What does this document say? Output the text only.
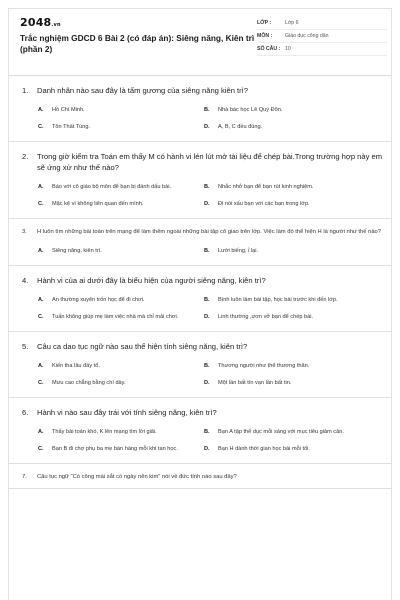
2048.vn
Trắc nghiệm GDCD 6 Bài 2 (có đáp án): Siêng năng, Kiên trì (phần 2)
LỚP :	Lớp 6
MÔN :	Giáo dục công dân
SỐ CÂU : 10
1.	Danh nhân nào sau đây là tấm gương của siêng năng kiên trì?
A.	Hồ Chí Minh.	B.	Nhà bác học Lê Quý Đôn.
C.	Tôn Thất Tùng.	D.	A, B, C đều đúng.
2.	Trong giờ kiểm tra Toán em thấy M có hành vi lén lút mở tài liệu để chép bài.Trong trường hợp này em sẽ ứng xử như thế nào?
A.	Báo với cô giáo bộ môn để bạn bị đánh dấu bài.	B.	Nhắc nhở bạn để bạn rút kinh nghiệm.
C.	Mặc kệ vì không liên quan đến mình.	D.	Đi nói xấu bạn với các bạn trong lớp.
3.	H luôn tìm những bài toán trên mạng để làm thêm ngoài những bài tập cô giao trên lớp. Việc làm đó thể hiện H là người như thế nào?
A.	Siêng năng, kiên trì.	B.	Lười biếng, ỉ lại.
4.	Hành vi của ai dưới đây là biểu hiện của người siêng năng, kiên trì?
A.	An thường xuyên trốn học để đi chơi.	B.	Bình luôn làm bài tập, học bài trước khi đến lớp.
C.	Tuấn không giúp mẹ làm việc nhà mà chỉ mải chơi.	D.	Linh thường ,ươn vở bạn để chép bài.
5.	Câu ca dao tục ngữ nào sau thể hiện tính siêng năng, kiên trì?
A.	Kiến tha lâu đầy tổ.	B.	Thương người như thể thương thân.
C.	Mưu cao chẳng bằng chí dày.	D.	Một lần bất tín vạn lần bất tin.
6.	Hành vi nào sau đây trái với tính siêng năng, kiên trì?
A.	Thấy bài toán khó, K lên mạng tìm lời giải.	B.	Bạn A tập thể dục mỗi sáng với mục tiêu giảm cân.
C.	Bạn B đi chợ phụ ba mẹ bán hàng mỗi khi tan học.	D.	Bạn H dành thời gian học bài mỗi tối.
7.	Câu tục ngữ "Có công mài sắt có ngày nên kim" nói về đức tính nào sau đây?
